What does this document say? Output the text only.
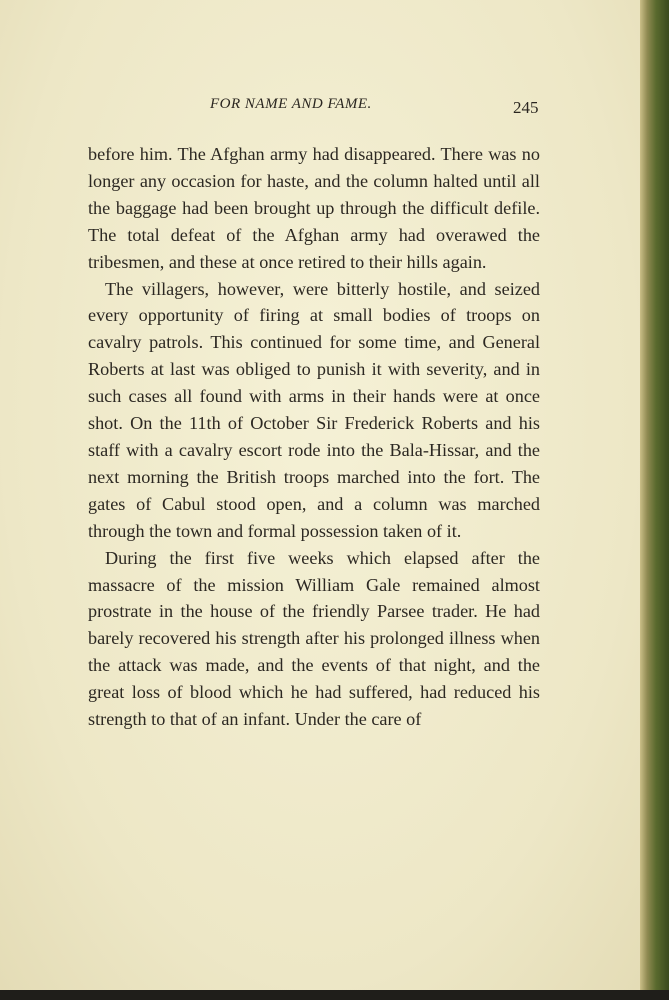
FOR NAME AND FAME.	245

before him. The Afghan army had disappeared. There was no longer any occasion for haste, and the column halted until all the baggage had been brought up through the difficult defile. The total defeat of the Afghan army had overawed the tribesmen, and these at once retired to their hills again.

The villagers, however, were bitterly hostile, and seized every opportunity of firing at small bodies of troops on cavalry patrols. This continued for some time, and General Roberts at last was obliged to punish it with severity, and in such cases all found with arms in their hands were at once shot. On the 11th of October Sir Frederick Roberts and his staff with a cavalry escort rode into the Bala-Hissar, and the next morning the British troops marched into the fort. The gates of Cabul stood open, and a column was marched through the town and formal possession taken of it.

During the first five weeks which elapsed after the massacre of the mission William Gale remained almost prostrate in the house of the friendly Parsee trader. He had barely recovered his strength after his prolonged illness when the attack was made, and the events of that night, and the great loss of blood which he had suffered, had reduced his strength to that of an infant. Under the care of
